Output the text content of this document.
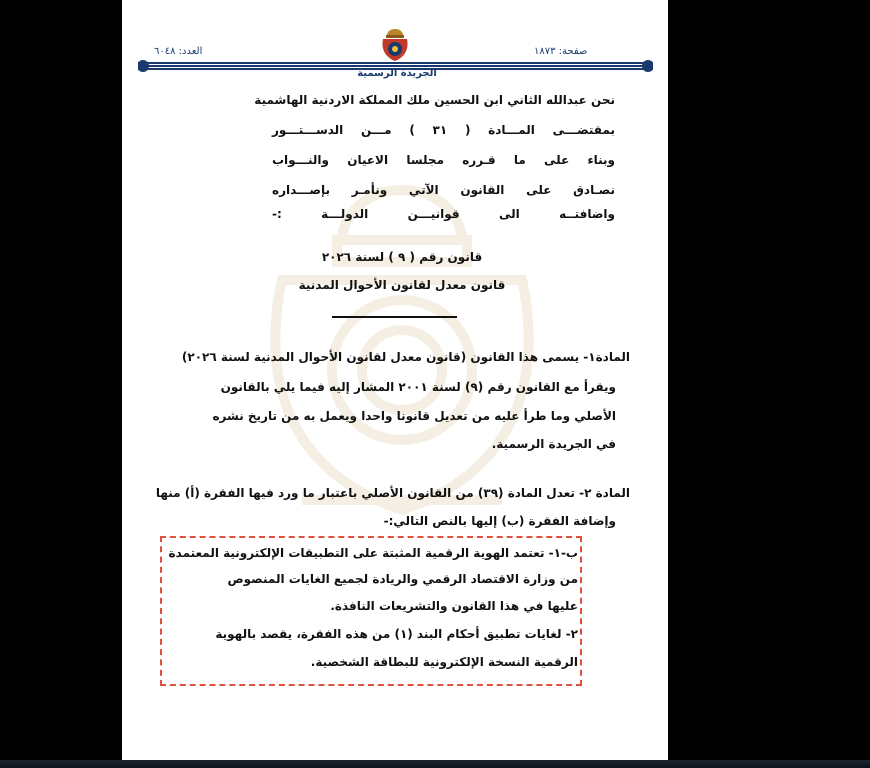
العدد: ٦٠٤٨	صفحة: ١٨٧٣
الجريدة الرسمية
نحن عبدالله الثاني ابن الحسين ملك المملكة الاردنية الهاشمية
بمقتضـــى المـــادة ( ٣١ ) مـــن الدســـتـــور
وبناء على ما قـرره مجلسا الاعيان والنـــواب
نصـادق على القانون الآتي ونأمـر بإصـــداره
واضافتــه الى قوانيـــن الدولـــة :-
قانون رقم ( ٩ ) لسنة ٢٠٢٦
قانون معدل لقانون الأحوال المدنية
المادة١- يسمى هذا القانون (قانون معدل لقانون الأحوال المدنية لسنة ٢٠٢٦)
ويقرأ مع القانون رقم (٩) لسنة ٢٠٠١ المشار إليه فيما يلي بالقانون
الأصلي وما طرأ عليه من تعديل قانونا واحدا ويعمل به من تاريخ نشره
في الجريدة الرسمية.
المادة ٢- تعدل المادة (٣٩) من القانون الأصلي باعتبار ما ورد فيها الفقرة (أ) منها
وإضافة الفقرة (ب) إليها بالنص التالي:-
ب-١- تعتمد الهوية الرقمية المثبتة على التطبيقات الإلكترونية المعتمدة
من وزارة الاقتصاد الرقمي والريادة لجميع الغايات المنصوص
عليها في هذا القانون والتشريعات النافذة.
٢- لغايات تطبيق أحكام البند (١) من هذه الفقرة، يقصد بالهوية
الرقمية النسخة الإلكترونية للبطاقة الشخصية.
